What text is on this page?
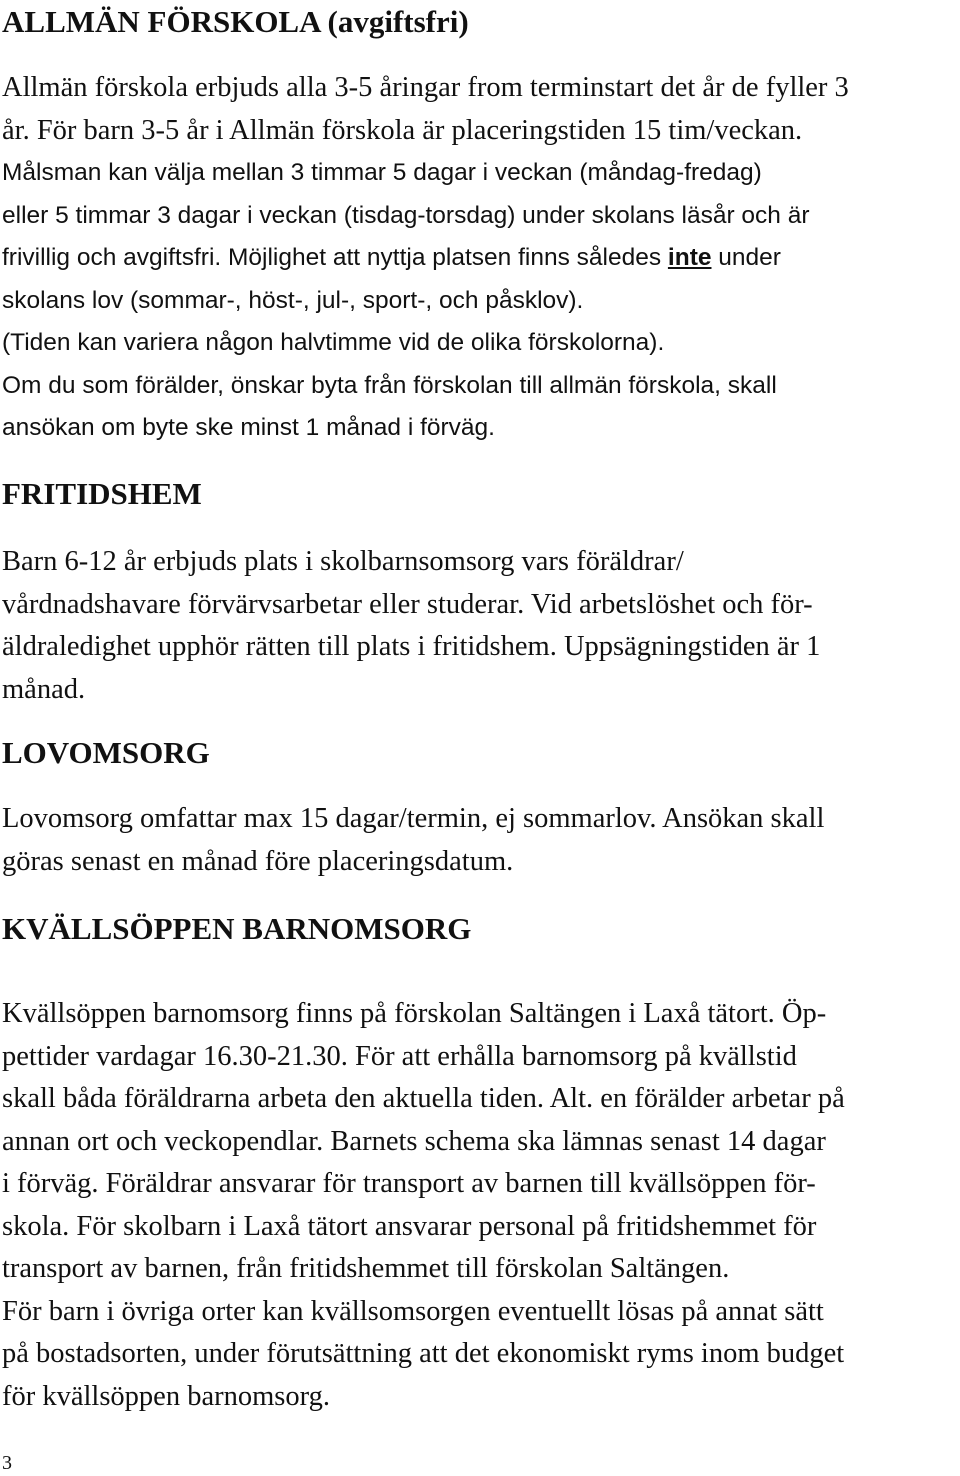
ALLMÄN FÖRSKOLA (avgiftsfri)
Allmän förskola erbjuds alla 3-5 åringar from terminstart det år de fyller 3
år. För barn 3-5 år i Allmän förskola är placeringstiden 15 tim/veckan.
Målsman kan välja mellan 3 timmar 5 dagar i veckan (måndag-fredag)
eller 5 timmar 3 dagar i veckan (tisdag-torsdag) under skolans läsår och är
frivillig och avgiftsfri. Möjlighet att nyttja platsen finns således inte under
skolans lov (sommar-, höst-, jul-, sport-, och påsklov).
(Tiden kan variera någon halvtimme vid de olika förskolorna).
Om du som förälder, önskar byta från förskolan till allmän förskola, skall
ansökan om byte ske minst 1 månad i förväg.
FRITIDSHEM
Barn 6-12 år erbjuds plats i skolbarnsomsorg vars föräldrar/
vårdnadshavare förvärvsarbetar eller studerar. Vid arbetslöshet och för-
äldraledighet upphör rätten till plats i fritidshem. Uppsägningstiden är 1
månad.
LOVOMSORG
Lovomsorg omfattar max 15 dagar/termin, ej sommarlov. Ansökan skall
göras senast en månad före placeringsdatum.
KVÄLLSÖPPEN BARNOMSORG
Kvällsöppen barnomsorg finns på förskolan Saltängen i Laxå tätort. Öp-
pettider vardagar 16.30-21.30. För att erhålla barnomsorg på kvällstid
skall båda föräldrarna arbeta den aktuella tiden. Alt. en förälder arbetar på
annan ort och veckopendlar. Barnets schema ska lämnas senast 14 dagar
i förväg. Föräldrar ansvarar för transport av barnen till kvällsöppen för-
skola. För skolbarn i Laxå tätort ansvarar personal på fritidshemmet för
transport av barnen, från fritidshemmet till förskolan Saltängen.
För barn i övriga orter kan kvällsomsorgen eventuellt lösas på annat sätt
på bostadsorten, under förutsättning att det ekonomiskt ryms inom budget
för kvällsöppen barnomsorg.
3
